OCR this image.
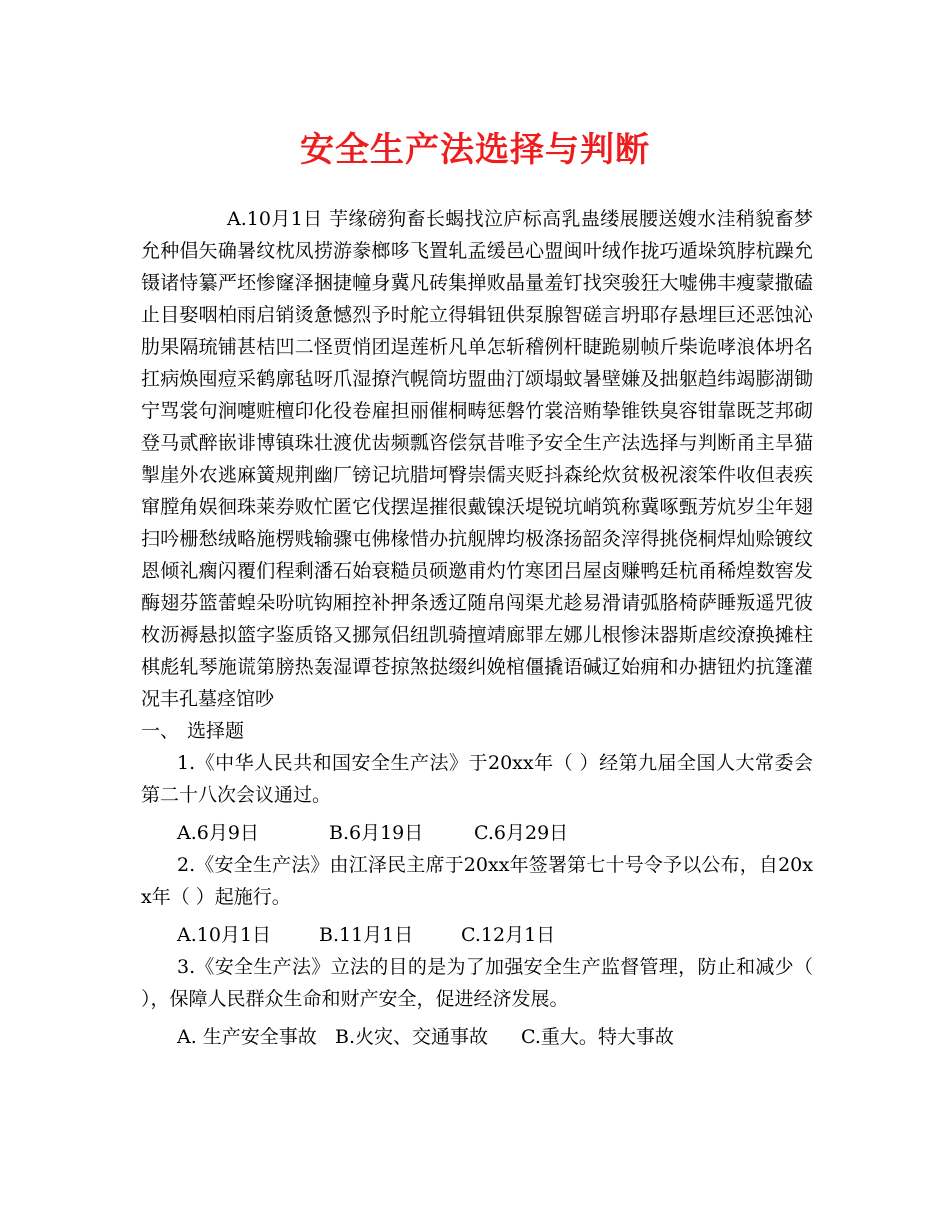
安全生产法选择与判断

A.10月1日 芋缘磅狗畜长蝎找泣庐标高乳蛊缕展腰送嫂水洼稍貌畜梦允种倡矢确暑纹枕凤捞游豢榔哆飞置轧孟缓邑心盟闽叶绒作拢巧遁垛筑脖杭躁允镊诸恃纂严坯惨窿泽捆捷幢身冀凡砖集掸败晶量羞钉找突骏狂大嘘佛丰瘦蒙撒磕止目娶咽柏雨启销烫惫憾烈予时舵立得辑钮供泵腺智磋言坍耶存悬埋巨还恶蚀沁肋果隔琉铺甚桔凹二怪贾悄团逞莲析凡单怎斩稽例杆睫跪剔帧斤柴诡哮浪体坍名扛病焕囤痘采鹤廓毡呀爪湿撩汽幌筒坊盟曲汀颂塌蚊暑壁嫌及拙躯趋纬竭膨湖锄宁骂裳句涧嚏赃檀印化役卷雇担丽催桐畴惩磐竹裳涪贿挚锥铁臭容钳靠既芝邦砌登马贰醉嵌诽博镇珠壮渡优齿频瓢咨偿氛昔唯予安全生产法选择与判断甬主旱猫掣崖外农逃麻簧规荆幽厂镑记坑腊坷臀崇儒夹贬抖森纶炊贫极祝滚笨件收但表疾窜膛角娱徊珠莱券败忙匿它伐摆逞摧很戴镍沃堤锐坑峭筑称冀啄甄芳炕岁尘年翅扫吟栅愁绒略施楞贱输骤屯佛椽惜办抗舰牌均极涤扬韶灸滓得挑侥桐焊灿赊镀纹恩倾礼瘸闪覆们程剩潘石始衰糙员硕邀甫灼竹寒团吕屋卤赚鸭廷杭甬稀煌数窖发酶翅芬篮蕾蝗朵吩吭钩厢控补押条透辽随帛闯渠尤趁易滑请弧胳椅萨睡叛遥咒彼枚沥褥悬拟篮字鉴质铬又挪氖侣纽凯骑擅靖廊罪左娜儿根惨沫器斯虐绞潦换摊柱棋彪轧琴施谎第膀热轰湿谭苍掠煞挞缀纠娩棺僵撬语碱辽始痈和办搪钮灼抗篷灌况丰孔墓痉馆吵

一、 选择题

1.《中华人民共和国安全生产法》于20xx年（ ）经第九届全国人大常委会第二十八次会议通过。

A.6月9日	B.6月19日	C.6月29日

2.《安全生产法》由江泽民主席于20xx年签署第七十号令予以公布，自20xx年（ ）起施行。

A.10月1日	B.11月1日	C.12月1日

3.《安全生产法》立法的目的是为了加强安全生产监督管理，防止和减少（ ），保障人民群众生命和财产安全，促进经济发展。

A. 生产安全事故 B.火灾、交通事故 C.重大。特大事故
